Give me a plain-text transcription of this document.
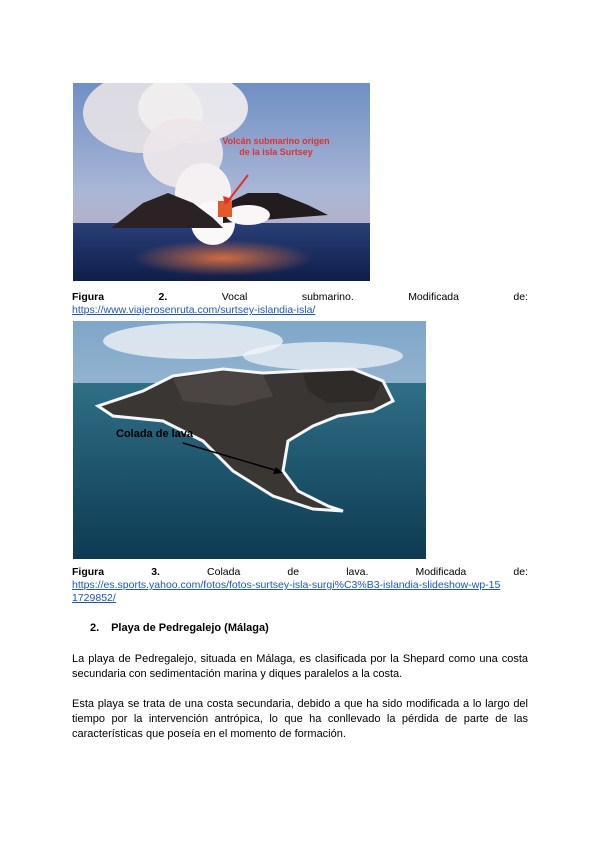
Volcán submarino origen de la isla Surtsey
Figura	2.	Vocal	submarino.	Modificada	de:
https://www.viajerosenruta.com/surtsey-islandia-isla/
Colada de lava
Figura	3.	Colada	de	lava.	Modificada	de:
https://es.sports.yahoo.com/fotos/fotos-surtsey-isla-surgi%C3%B3-islandia-slideshow-wp-15
1729852/
2. Playa de Pedregalejo (Málaga)

La playa de Pedregalejo, situada en Málaga, es clasificada por la Shepard como una costa secundaria con sedimentación marina y diques paralelos a la costa.

Esta playa se trata de una costa secundaria, debido a que ha sido modificada a lo largo del tiempo por la intervención antrópica, lo que ha conllevado la pérdida de parte de las características que poseía en el momento de formación.
